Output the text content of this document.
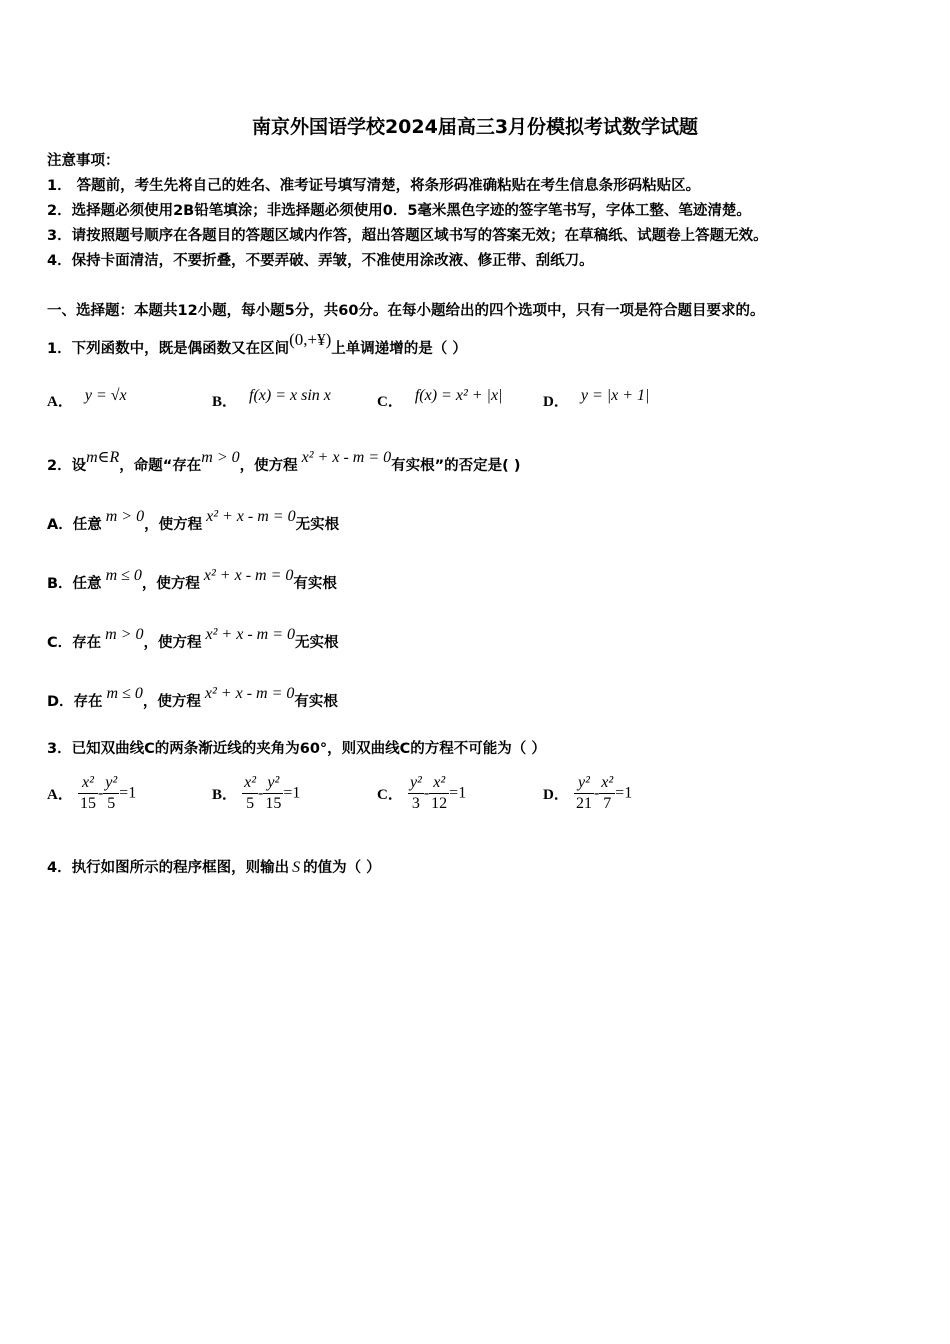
南京外国语学校2024届高三3月份模拟考试数学试题
注意事项：
1． 答题前，考生先将自己的姓名、准考证号填写清楚，将条形码准确粘贴在考生信息条形码粘贴区。
2．选择题必须使用2B铅笔填涂；非选择题必须使用0．5毫米黑色字迹的签字笔书写，字体工整、笔迹清楚。
3．请按照题号顺序在各题目的答题区域内作答，超出答题区域书写的答案无效；在草稿纸、试题卷上答题无效。
4．保持卡面清洁，不要折叠，不要弄破、弄皱，不准使用涂改液、修正带、刮纸刀。
一、选择题：本题共12小题，每小题5分，共60分。在每小题给出的四个选项中，只有一项是符合题目要求的。
1．下列函数中，既是偶函数又在区间(0,+¥)上单调递增的是（ ）
A． y = √x	B． f(x) = x sin x	C． f(x) = x² + |x|	D． y = |x + 1|
2．设m∈R，命题“存在m > 0，使方程 x² + x - m = 0有实根”的否定是( )
A．任意 m > 0，使方程 x² + x - m = 0无实根
B．任意 m ≤ 0，使方程 x² + x - m = 0有实根
C．存在 m > 0，使方程 x² + x - m = 0无实根
D．存在 m ≤ 0，使方程 x² + x - m = 0有实根
3．已知双曲线C的两条渐近线的夹角为60°，则双曲线C的方程不可能为（ ）
A． $\frac{\text{x²}}{15} - \frac{\text{y²}}{5} =1$	B． $\frac{\text{x²}}{5} - \frac{\text{y²}}{15} =1$	C． $\frac{\text{y²}}{3} - \frac{\text{x²}}{12} =1$	D． $\frac{\text{y²}}{21} - \frac{\text{x²}}{7} =1$
4．执行如图所示的程序框图，则输出 S 的值为（ ）
